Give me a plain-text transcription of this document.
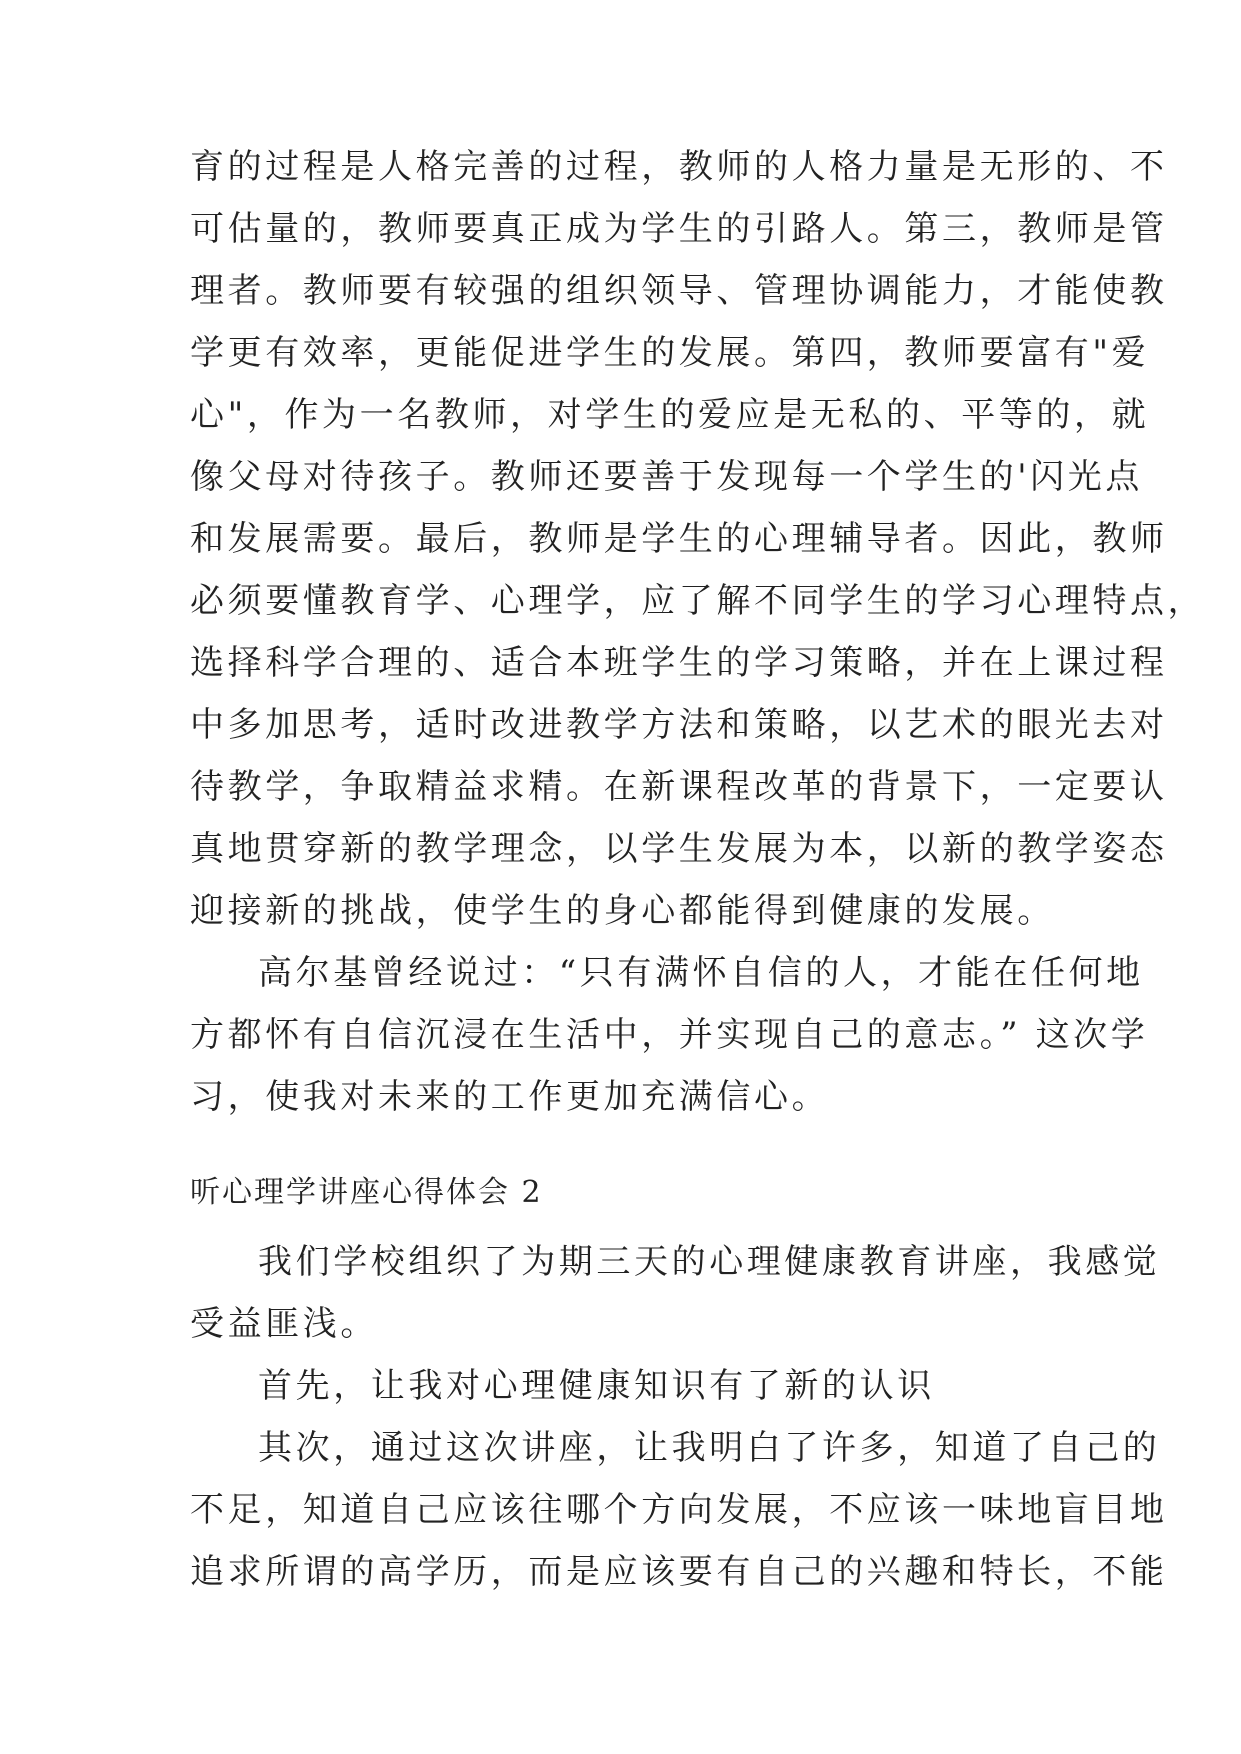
育的过程是人格完善的过程，教师的人格力量是无形的、不
可估量的，教师要真正成为学生的引路人。第三，教师是管
理者。教师要有较强的组织领导、管理协调能力，才能使教
学更有效率，更能促进学生的发展。第四，教师要富有"爱
心"，作为一名教师，对学生的爱应是无私的、平等的，就
像父母对待孩子。教师还要善于发现每一个学生的'闪光点
和发展需要。最后，教师是学生的心理辅导者。因此，教师
必须要懂教育学、心理学，应了解不同学生的学习心理特点，
选择科学合理的、适合本班学生的学习策略，并在上课过程
中多加思考，适时改进教学方法和策略，以艺术的眼光去对
待教学，争取精益求精。在新课程改革的背景下，一定要认
真地贯穿新的教学理念，以学生发展为本，以新的教学姿态
迎接新的挑战，使学生的身心都能得到健康的发展。
高尔基曾经说过：“只有满怀自信的人，才能在任何地
方都怀有自信沉浸在生活中，并实现自己的意志。” 这次学
习，使我对未来的工作更加充满信心。
听心理学讲座心得体会 2
我们学校组织了为期三天的心理健康教育讲座，我感觉
受益匪浅。
首先，让我对心理健康知识有了新的认识
其次，通过这次讲座，让我明白了许多，知道了自己的
不足，知道自己应该往哪个方向发展，不应该一味地盲目地
追求所谓的高学历，而是应该要有自己的兴趣和特长，不能
